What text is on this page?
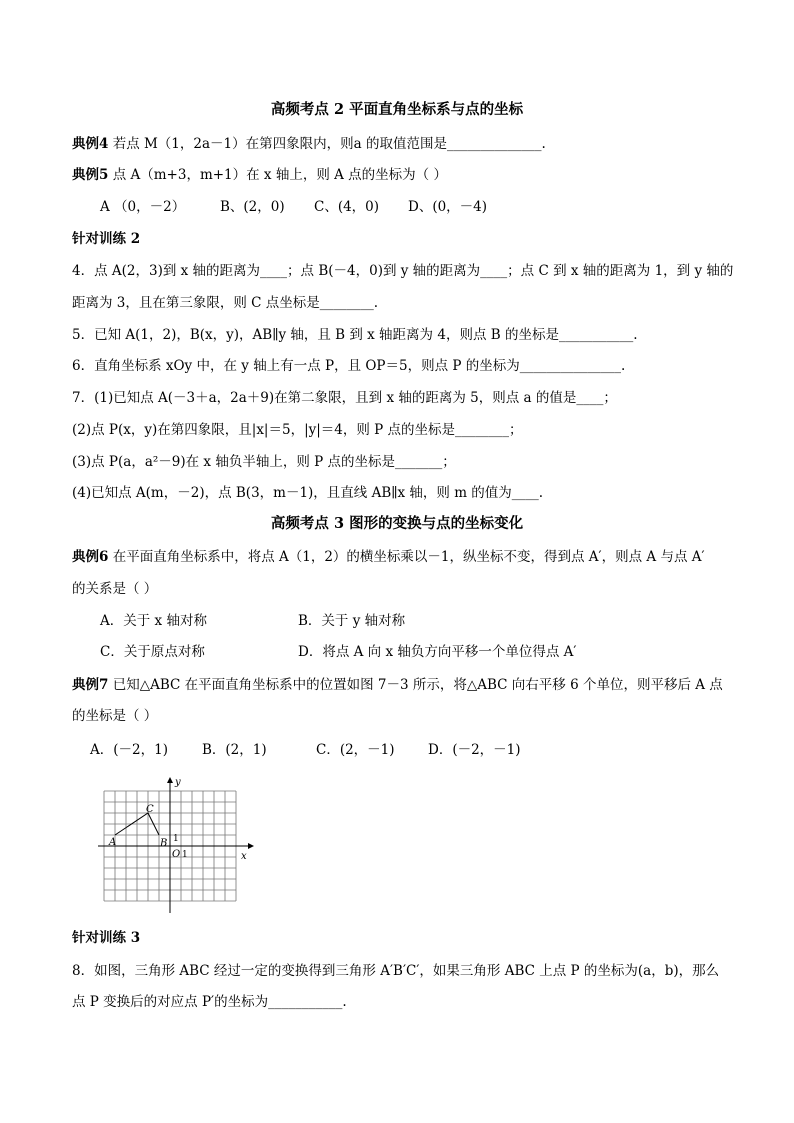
高频考点 2 平面直角坐标系与点的坐标
典例4 若点 M（1，2a－1）在第四象限内，则a 的取值范围是______________.
典例5 点 A（m+3，m+1）在 x 轴上，则 A 点的坐标为（ ）
A （0，－2）	B、(2，0) C、(4，0) D、(0，－4)
针对训练 2
4．点 A(2，3)到 x 轴的距离为____；点 B(－4，0)到 y 轴的距离为____；点 C 到 x 轴的距离为 1，到 y 轴的
距离为 3，且在第三象限，则 C 点坐标是________.
5．已知 A(1，2)，B(x，y)，AB∥y 轴，且 B 到 x 轴距离为 4，则点 B 的坐标是___________.
6．直角坐标系 xOy 中，在 y 轴上有一点 P，且 OP＝5，则点 P 的坐标为_______________.
7．(1)已知点 A(－3＋a，2a＋9)在第二象限，且到 x 轴的距离为 5，则点 a 的值是____；
(2)点 P(x，y)在第四象限，且|x|＝5，|y|＝4，则 P 点的坐标是________；
(3)点 P(a，a²－9)在 x 轴负半轴上，则 P 点的坐标是_______；
(4)已知点 A(m，－2)，点 B(3，m－1)，且直线 AB∥x 轴，则 m 的值为____.
高频考点 3 图形的变换与点的坐标变化
典例6 在平面直角坐标系中，将点 A（1，2）的横坐标乘以－1，纵坐标不变，得到点 A′，则点 A 与点 A′
的关系是（ ）
A．关于 x 轴对称	B．关于 y 轴对称
C．关于原点对称	D．将点 A 向 x 轴负方向平移一个单位得点 A′
典例7 已知△ABC 在平面直角坐标系中的位置如图 7－3 所示，将△ABC 向右平移 6 个单位，则平移后 A 点
的坐标是（ ）
A．(－2，1)	B．(2，1)	C．(2，－1) D．(－2，－1)
y
x
A	B
C
O 1
1
针对训练 3
8．如图，三角形 ABC 经过一定的变换得到三角形 A′B′C′，如果三角形 ABC 上点 P 的坐标为(a，b)，那么
点 P 变换后的对应点 P′的坐标为___________.
